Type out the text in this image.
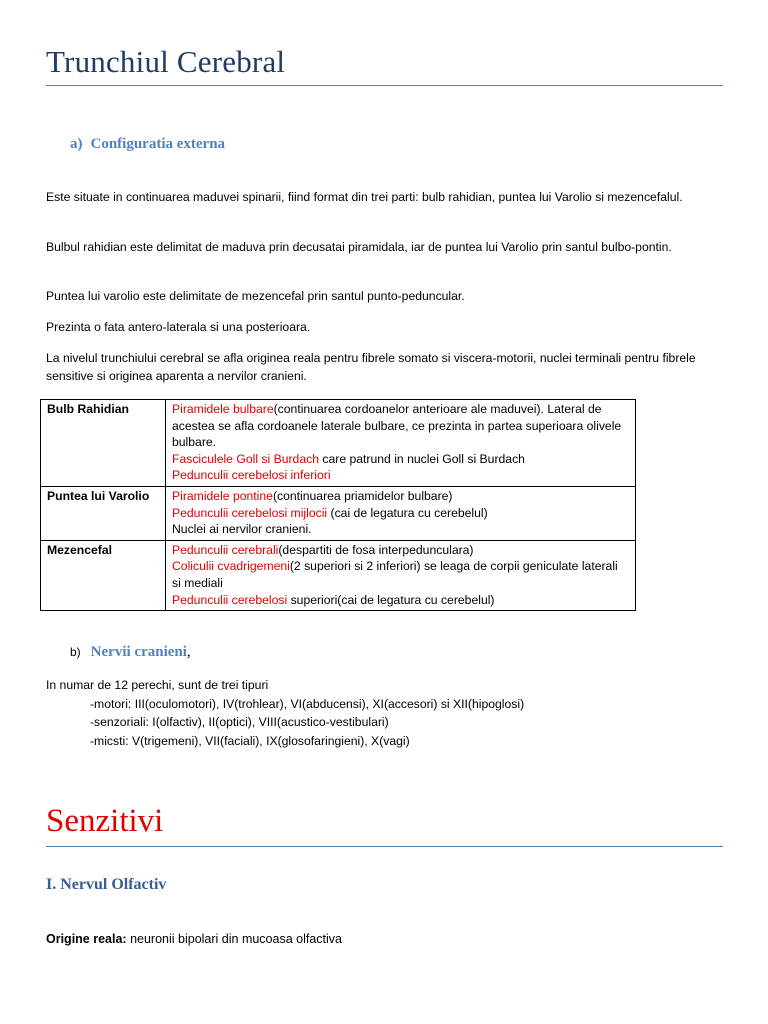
Trunchiul Cerebral
a) Configuratia externa
Este situate in continuarea maduvei spinarii, fiind format din trei parti: bulb rahidian, puntea lui Varolio si mezencefalul.
Bulbul rahidian este delimitat de maduva prin decusatai piramidala, iar de puntea lui Varolio prin santul bulbo-pontin.
Puntea lui varolio este delimitate de mezencefal prin santul punto-peduncular.
Prezinta o fata antero-laterala si una posterioara.
La nivelul trunchiului cerebral se afla originea reala pentru fibrele somato si viscera-motorii, nuclei terminali pentru fibrele sensitive si originea aparenta a nervilor cranieni.
Bulb Rahidian	Piramidele bulbare(continuarea cordoanelor anterioare ale maduvei). Lateral de acestea se afla cordoanele laterale bulbare, ce prezinta in partea superioara olivele bulbare.
Fasciculele Goll si Burdach care patrund in nuclei Goll si Burdach
Pedunculii cerebelosi inferiori

Puntea lui Varolio	Piramidele pontine(continuarea priamidelor bulbare)
Pedunculii cerebelosi mijlocii (cai de legatura cu cerebelul)
Nuclei ai nervilor cranieni.

Mezencefal	Pedunculii cerebrali(despartiti de fosa interpedunculara)
Coliculii cvadrigemeni(2 superiori si 2 inferiori) se leaga de corpii geniculate laterali si mediali
Pedunculii cerebelosi superiori(cai de legatura cu cerebelul)
b) Nervii cranieni,
In numar de 12 perechi, sunt de trei tipuri
-motori: III(oculomotori), IV(trohlear), VI(abducensi), XI(accesori) si XII(hipoglosi)
-senzoriali: I(olfactiv), II(optici), VIII(acustico-vestibulari)
-micsti: V(trigemeni), VII(faciali), IX(glosofaringieni), X(vagi)
Senzitivi
I. Nervul Olfactiv
Origine reala: neuronii bipolari din mucoasa olfactiva
